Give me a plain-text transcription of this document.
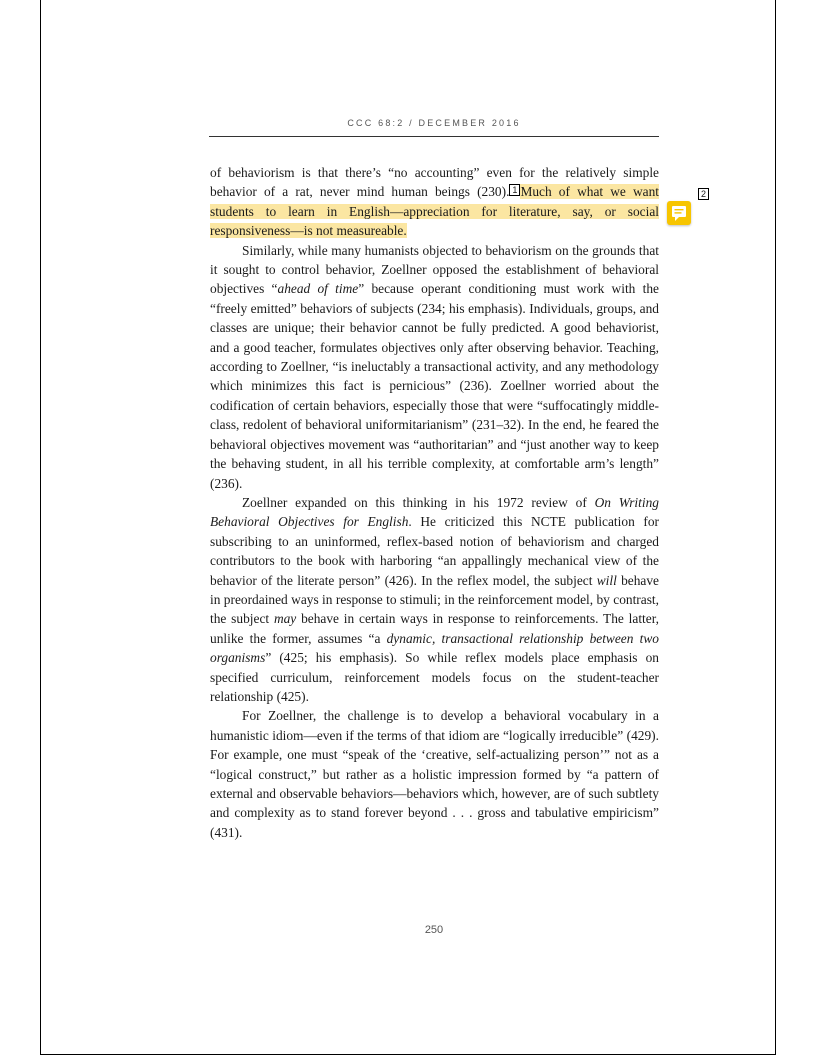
CCC 68:2 / DECEMBER 2016

of behaviorism is that there’s “no accounting” even for the relatively simple behavior of a rat, never mind human beings (230). 1 Much of what we want students to learn in English—appreciation for literature, say, or social responsiveness—is not measureable.

Similarly, while many humanists objected to behaviorism on the grounds that it sought to control behavior, Zoellner opposed the establishment of behavioral objectives “ahead of time” because operant conditioning must work with the “freely emitted” behaviors of subjects (234; his emphasis). Individuals, groups, and classes are unique; their behavior cannot be fully predicted. A good behaviorist, and a good teacher, formulates objectives only after observing behavior. Teaching, according to Zoellner, “is ineluctably a transactional activity, and any methodology which minimizes this fact is pernicious” (236). Zoellner worried about the codification of certain behaviors, especially those that were “suffocatingly middle-class, redolent of behavioral uniformitarianism” (231–32). In the end, he feared the behavioral objectives movement was “authoritarian” and “just another way to keep the behaving student, in all his terrible complexity, at comfortable arm’s length” (236).

Zoellner expanded on this thinking in his 1972 review of On Writing Behavioral Objectives for English. He criticized this NCTE publication for subscribing to an uninformed, reflex-based notion of behaviorism and charged contributors to the book with harboring “an appallingly mechanical view of the behavior of the literate person” (426). In the reflex model, the subject will behave in preordained ways in response to stimuli; in the reinforcement model, by contrast, the subject may behave in certain ways in response to reinforcements. The latter, unlike the former, assumes “a dynamic, transactional relationship between two organisms” (425; his emphasis). So while reflex models place emphasis on specified curriculum, reinforcement models focus on the student-teacher relationship (425).

For Zoellner, the challenge is to develop a behavioral vocabulary in a humanistic idiom—even if the terms of that idiom are “logically irreducible” (429). For example, one must “speak of the ‘creative, self-actualizing person’” not as a “logical construct,” but rather as a holistic impression formed by “a pattern of external and observable behaviors—behaviors which, however, are of such subtlety and complexity as to stand forever beyond . . . gross and tabulative empiricism” (431).

2
250
